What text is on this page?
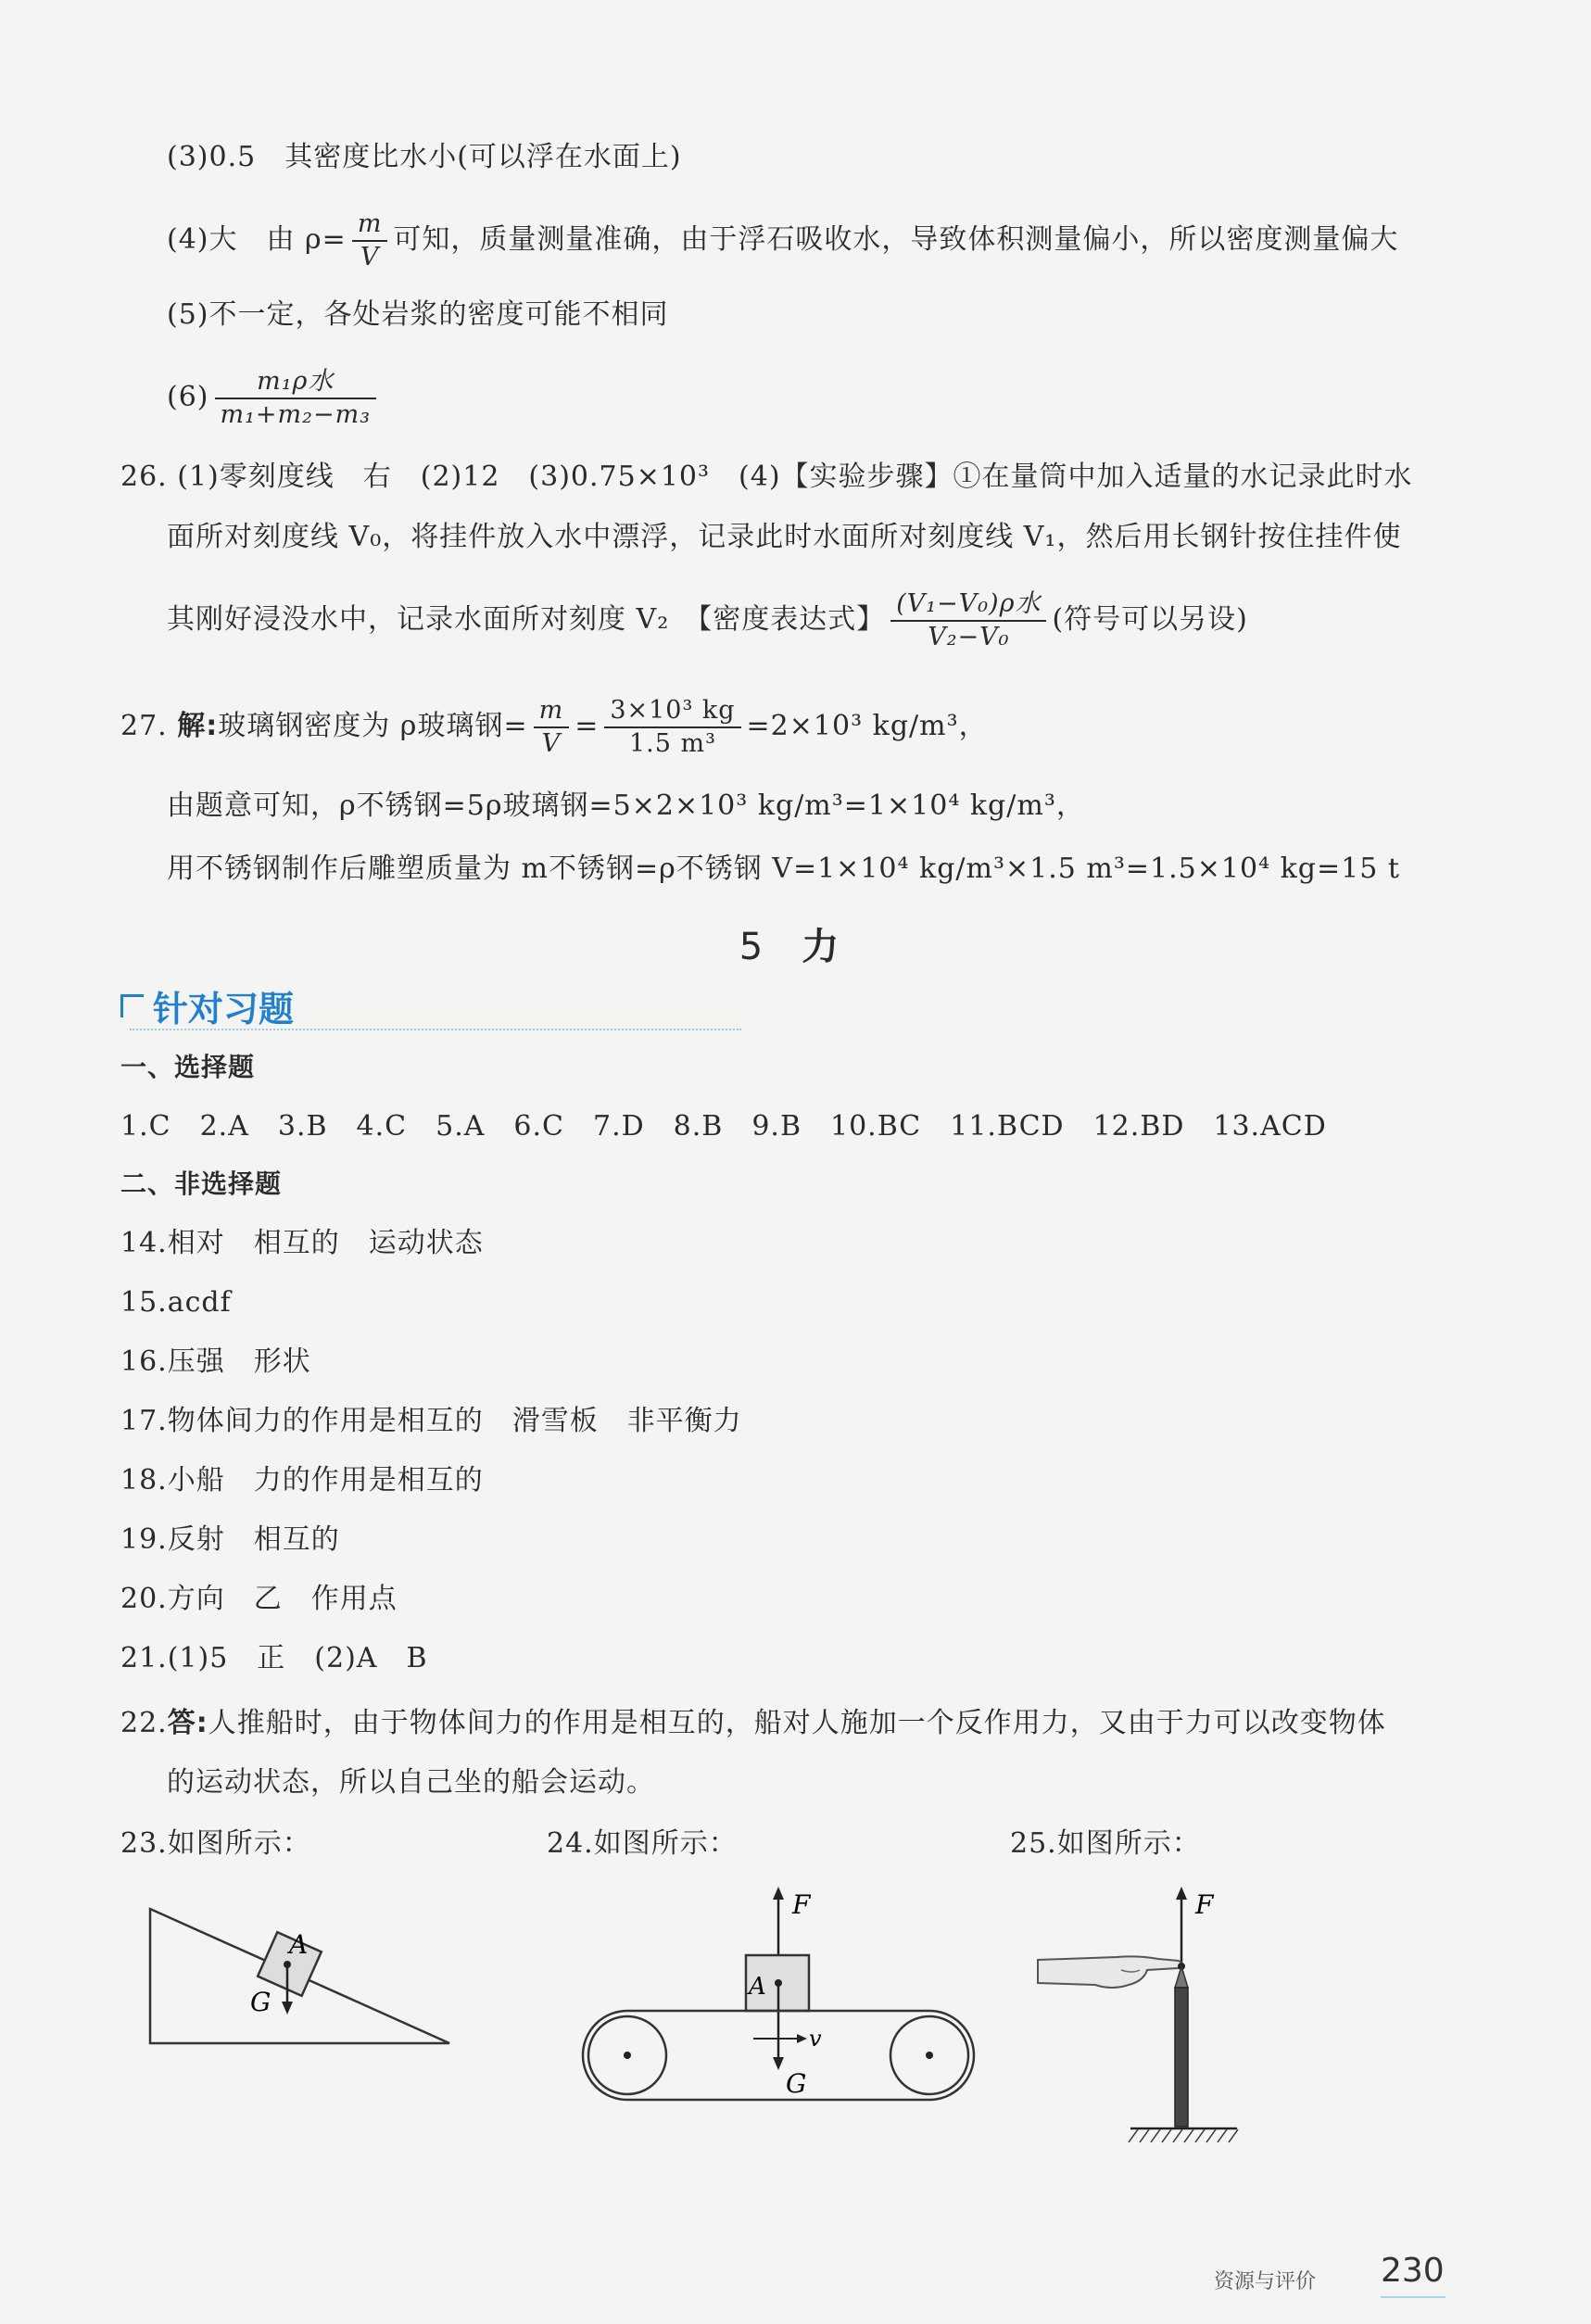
(3)0.5　其密度比水小(可以浮在水面上)
(4)大　由 $\rho= \frac{m}{V}$ 可知，质量测量准确，由于浮石吸收水，导致体积测量偏小，所以密度测量偏大
(5)不一定，各处岩浆的密度可能不相同
$(6) \frac{\text{m₁ρ水}}{\text{m₁+m₂−m₃}}$
26. (1)零刻度线　右　(2)12　(3)0.75×10³　(4)【实验步骤】①在量筒中加入适量的水记录此时水
面所对刻度线 V₀，将挂件放入水中漂浮，记录此时水面所对刻度线 V₁，然后用长钢针按住挂件使
其刚好浸没水中，记录水面所对刻度 V₂　【密度表达式】 $\frac{\text{(V₁−V₀)ρ水}}{\text{V₂−V₀}}$ (符号可以另设)
27. 解:玻璃钢密度为 ρ玻璃钢= $\frac{m}{V} = \frac{\text{3×10³ kg}}{\text{1.5 m³}} =2\times 10^3$ kg/m³，
由题意可知，ρ不锈钢=5ρ玻璃钢=5×2×10³ kg/m³=1×10⁴ kg/m³，
用不锈钢制作后雕塑质量为 m不锈钢=ρ不锈钢 V=1×10⁴ kg/m³×1.5 m³=1.5×10⁴ kg=15 t
5 力
针对习题
一、选择题
1.C　2.A　3.B　4.C　5.A　6.C　7.D　8.B　9.B　10.BC　11.BCD　12.BD　13.ACD
二、非选择题
14.相对　相互的　运动状态
15.acdf
16.压强　形状
17.物体间力的作用是相互的　滑雪板　非平衡力
18.小船　力的作用是相互的
19.反射　相互的
20.方向　乙　作用点
21.(1)5　正　(2)A　B
22.答:人推船时，由于物体间力的作用是相互的，船对人施加一个反作用力，又由于力可以改变物体
的运动状态，所以自己坐的船会运动。
23.如图所示：	24.如图所示：	25.如图所示：
A
G
F
A
G
v
F
资源与评价 230
